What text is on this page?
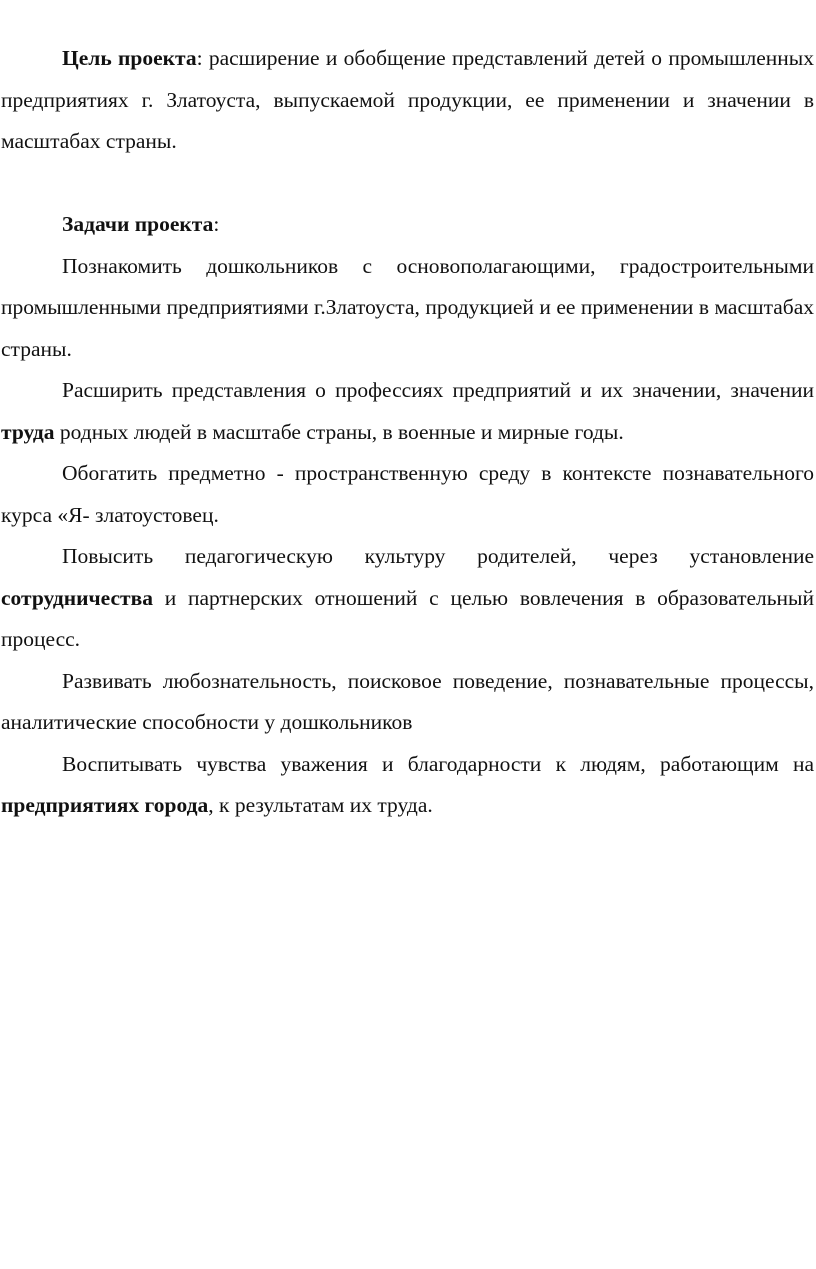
Цель проекта: расширение и обобщение представлений детей о промышленных предприятиях г. Златоуста, выпускаемой продукции, ее применении и значении в масштабах страны.

Задачи проекта:

Познакомить дошкольников с основополагающими, градостроительными промышленными предприятиями г.Златоуста, продукцией и ее применении в масштабах страны.

Расширить представления о профессиях предприятий и их значении, значении труда родных людей в масштабе страны, в военные и мирные годы.

Обогатить предметно - пространственную среду в контексте познавательного курса «Я- златоустовец.

Повысить педагогическую культуру родителей, через установление сотрудничества и партнерских отношений с целью вовлечения в образовательный процесс.

Развивать любознательность, поисковое поведение, познавательные процессы, аналитические способности у дошкольников

Воспитывать чувства уважения и благодарности к людям, работающим на предприятиях города, к результатам их труда.
